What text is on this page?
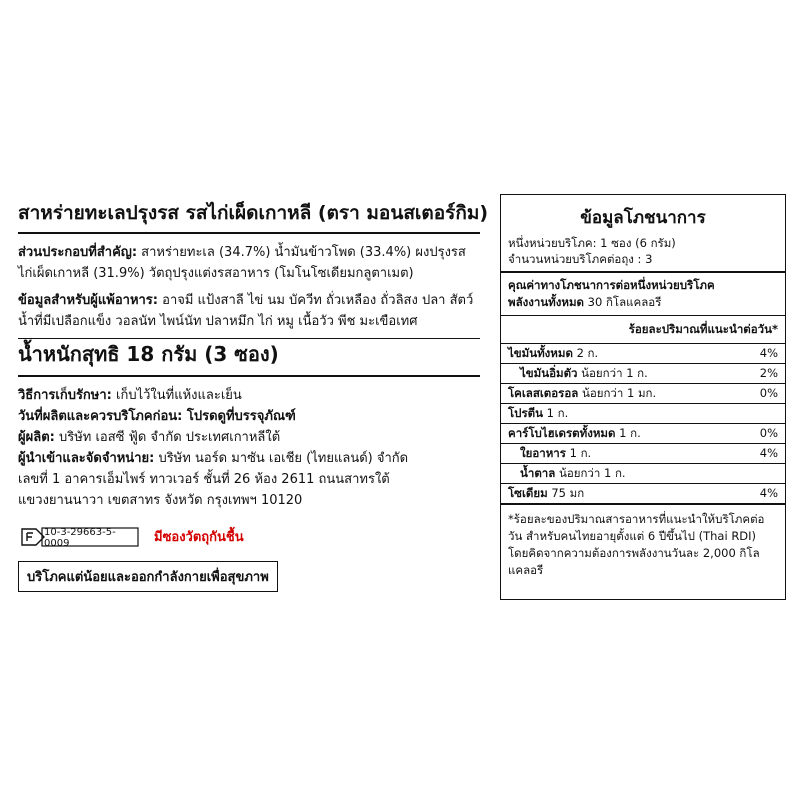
สาหร่ายทะเลปรุงรส รสไก่เผ็ดเกาหลี (ตรา มอนสเตอร์กิม)
ส่วนประกอบที่สำคัญ: สาหร่ายทะเล (34.7%) น้ำมันข้าวโพด (33.4%) ผงปรุงรสไก่เผ็ดเกาหลี (31.9%) วัตถุปรุงแต่งรสอาหาร (โมโนโซเดียมกลูตาเมต)
ข้อมูลสำหรับผู้แพ้อาหาร: อาจมี แป้งสาลี ไข่ นม บัควีท ถั่วเหลือง ถั่วลิสง ปลา สัตว์น้ำที่มีเปลือกแข็ง วอลนัท ไพน์นัท ปลาหมึก ไก่ หมู เนื้อวัว พีช มะเขือเทศ
น้ำหนักสุทธิ 18 กรัม (3 ซอง)
วิธีการเก็บรักษา: เก็บไว้ในที่แห้งและเย็น
วันที่ผลิตและควรบริโภคก่อน: โปรดดูที่บรรจุภัณฑ์
ผู้ผลิต: บริษัท เอสซี ฟู้ด จำกัด ประเทศเกาหลีใต้
ผู้นำเข้าและจัดจำหน่าย: บริษัท นอร์ด มาซัน เอเชีย (ไทยแลนด์) จำกัด
เลขที่ 1 อาคารเอ็มไพร์ ทาวเวอร์ ชั้นที่ 26 ห้อง 2611 ถนนสาทรใต้
แขวงยานนาวา เขตสาทร จังหวัด กรุงเทพฯ 10120
10-3-29663-5-0009	มีซองวัตถุกันชื้น
บริโภคแต่น้อยและออกกำลังกายเพื่อสุขภาพ
ข้อมูลโภชนาการ
หนึ่งหน่วยบริโภค: 1 ซอง (6 กรัม)
จำนวนหน่วยบริโภคต่อถุง : 3
คุณค่าทางโภชนาการต่อหนึ่งหน่วยบริโภค
พลังงานทั้งหมด 30 กิโลแคลอรี
ร้อยละปริมาณที่แนะนำต่อวัน*
ไขมันทั้งหมด 2 ก.	4%
ไขมันอิ่มตัว น้อยกว่า 1 ก.	2%
โคเลสเตอรอล น้อยกว่า 1 มก.	0%
โปรตีน 1 ก.
คาร์โบไฮเดรตทั้งหมด 1 ก.	0%
ใยอาหาร 1 ก.	4%
น้ำตาล น้อยกว่า 1 ก.
โซเดียม 75 มก	4%
*ร้อยละของปริมาณสารอาหารที่แนะนำให้บริโภคต่อวัน สำหรับคนไทยอายุตั้งแต่ 6 ปีขึ้นไป (Thai RDI) โดยคิดจากความต้องการพลังงานวันละ 2,000 กิโลแคลอรี
